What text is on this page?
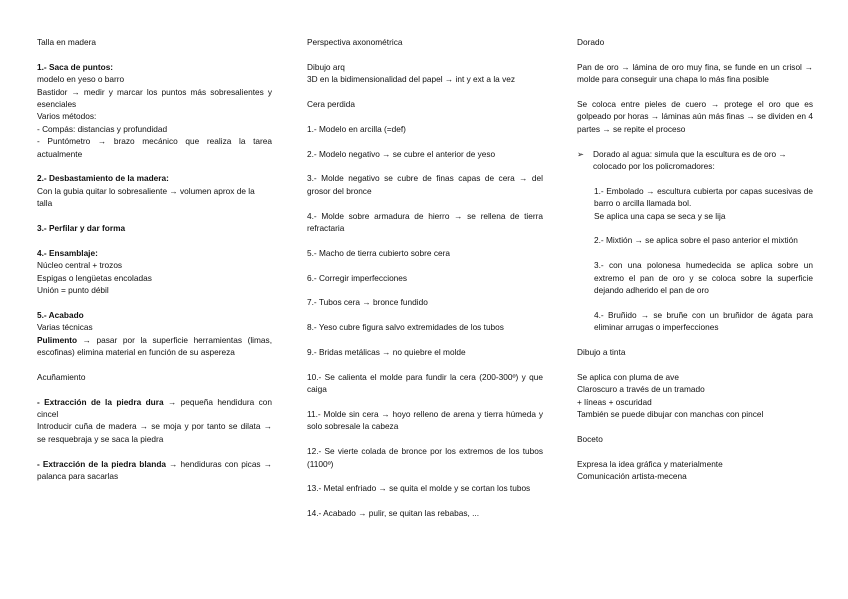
Talla en madera

1.- Saca de puntos:

modelo en yeso o barro

Bastidor → medir y marcar los puntos más sobresalientes y esenciales

Varios métodos:

- Compás: distancias y profundidad

- Puntómetro → brazo mecánico que realiza la tarea actualmente

2.- Desbastamiento de la madera:

Con la gubia quitar lo sobresaliente → volumen aprox de la talla

3.- Perfilar y dar forma

4.- Ensamblaje:

Núcleo central + trozos

Espigas o lengüetas encoladas

Unión = punto débil

5.- Acabado

Varias técnicas

Pulimento → pasar por la superficie herramientas (limas, escofinas) elimina material en función de su aspereza

Acuñamiento

- Extracción de la piedra dura → pequeña hendidura con cincel

Introducir cuña de madera → se moja y por tanto se dilata → se resquebraja y se saca la piedra

- Extracción de la piedra blanda → hendiduras con picas → palanca para sacarlas

Perspectiva axonométrica

Dibujo arq

3D en la bidimensionalidad del papel → int y ext a la vez

Cera perdida

1.- Modelo en arcilla (=def)

2.- Modelo negativo → se cubre el anterior de yeso

3.- Molde negativo se cubre de finas capas de cera → del grosor del bronce

4.- Molde sobre armadura de hierro → se rellena de tierra refractaria

5.- Macho de tierra cubierto sobre cera

6.- Corregir imperfecciones

7.- Tubos cera → bronce fundido

8.- Yeso cubre figura salvo extremidades de los tubos

9.- Bridas metálicas → no quiebre el molde

10.- Se calienta el molde para fundir la cera (200-300º) y que caiga

11.- Molde sin cera → hoyo relleno de arena y tierra húmeda y solo sobresale la cabeza

12.- Se vierte colada de bronce por los extremos de los tubos (1100º)

13.- Metal enfriado → se quita el molde y se cortan los tubos

14.- Acabado → pulir, se quitan las rebabas, ...

Dorado

Pan de oro → lámina de oro muy fina, se funde en un crisol → molde para conseguir una chapa lo más fina posible

Se coloca entre pieles de cuero → protege el oro que es golpeado por horas → láminas aún más finas → se dividen en 4 partes → se repite el proceso

➢ Dorado al agua: simula que la escultura es de oro → colocado por los policromadores:

1.- Embolado → escultura cubierta por capas sucesivas de barro o arcilla llamada bol.

Se aplica una capa se seca y se lija

2.- Mixtión → se aplica sobre el paso anterior el mixtión

3.- con una polonesa humedecida se aplica sobre un extremo el pan de oro y se coloca sobre la superficie dejando adherido el pan de oro

4.- Bruñido → se bruñe con un bruñidor de ágata para eliminar arrugas o imperfecciones

Dibujo a tinta

Se aplica con pluma de ave

Claroscuro a través de un tramado

+ líneas + oscuridad

También se puede dibujar con manchas con pincel

Boceto

Expresa la idea gráfica y materialmente

Comunicación artista-mecena
